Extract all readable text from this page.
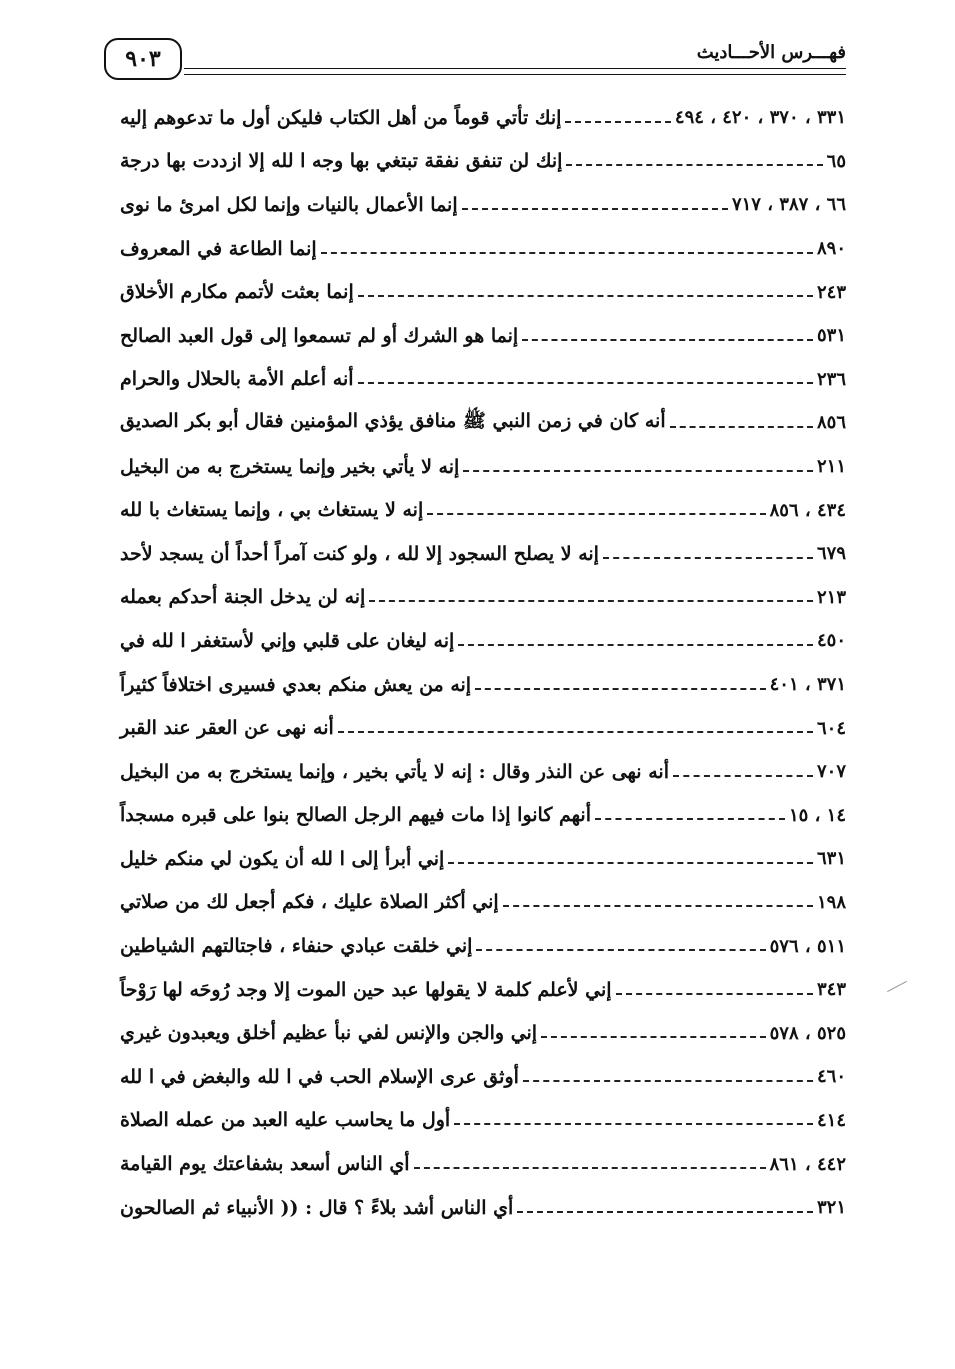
٩٠٣	فهـــرس الأحـــاديث
إنك تأتي قوماً من أهل الكتاب فليكن أول ما تدعوهم إليه	٣٣١ ، ٣٧٠ ، ٤٢٠ ، ٤٩٤
إنك لن تنفق نفقة تبتغي بها وجه ا لله إلا ازددت بها درجة	٦٥
إنما الأعمال بالنيات وإنما لكل امرئ ما نوى	٦٦ ، ٣٨٧ ، ٧١٧
إنما الطاعة في المعروف	٨٩٠
إنما بعثت لأتمم مكارم الأخلاق	٢٤٣
إنما هو الشرك أو لم تسمعوا إلى قول العبد الصالح	٥٣١
أنه أعلم الأمة بالحلال والحرام	٢٣٦
أنه كان في زمن النبي ﷺ منافق يؤذي المؤمنين فقال أبو بكر الصديق	٨٥٦
إنه لا يأتي بخير وإنما يستخرج به من البخيل	٢١١
إنه لا يستغاث بي ، وإنما يستغاث با لله	٤٣٤ ، ٨٥٦
إنه لا يصلح السجود إلا لله ، ولو كنت آمراً أحداً أن يسجد لأحد	٦٧٩
إنه لن يدخل الجنة أحدكم بعمله	٢١٣
إنه ليغان على قلبي وإني لأستغفر ا لله في	٤٥٠
إنه من يعش منكم بعدي فسيرى اختلافاً كثيراً	٣٧١ ، ٤٠١
أنه نهى عن العقر عند القبر	٦٠٤
أنه نهى عن النذر وقال : إنه لا يأتي بخير ، وإنما يستخرج به من البخيل	٧٠٧
أنهم كانوا إذا مات فيهم الرجل الصالح بنوا على قبره مسجداً	١٤ ، ١٥
إني أبرأ إلى ا لله أن يكون لي منكم خليل	٦٣١
إني أكثر الصلاة عليك ، فكم أجعل لك من صلاتي	١٩٨
إني خلقت عبادي حنفاء ، فاجتالتهم الشياطين	٥١١ ، ٥٧٦
إني لأعلم كلمة لا يقولها عبد حين الموت إلا وجد رُوحَه لها رَوْحاً	٣٤٣
إني والجن والإنس لفي نبأ عظيم أخلق ويعبدون غيري	٥٢٥ ، ٥٧٨
أوثق عرى الإسلام الحب في ا لله والبغض في ا لله	٤٦٠
أول ما يحاسب عليه العبد من عمله الصلاة	٤١٤
أي الناس أسعد بشفاعتك يوم القيامة	٤٤٢ ، ٨٦١
أي الناس أشد بلاءً ؟ قال : (( الأنبياء ثم الصالحون	٣٢١
